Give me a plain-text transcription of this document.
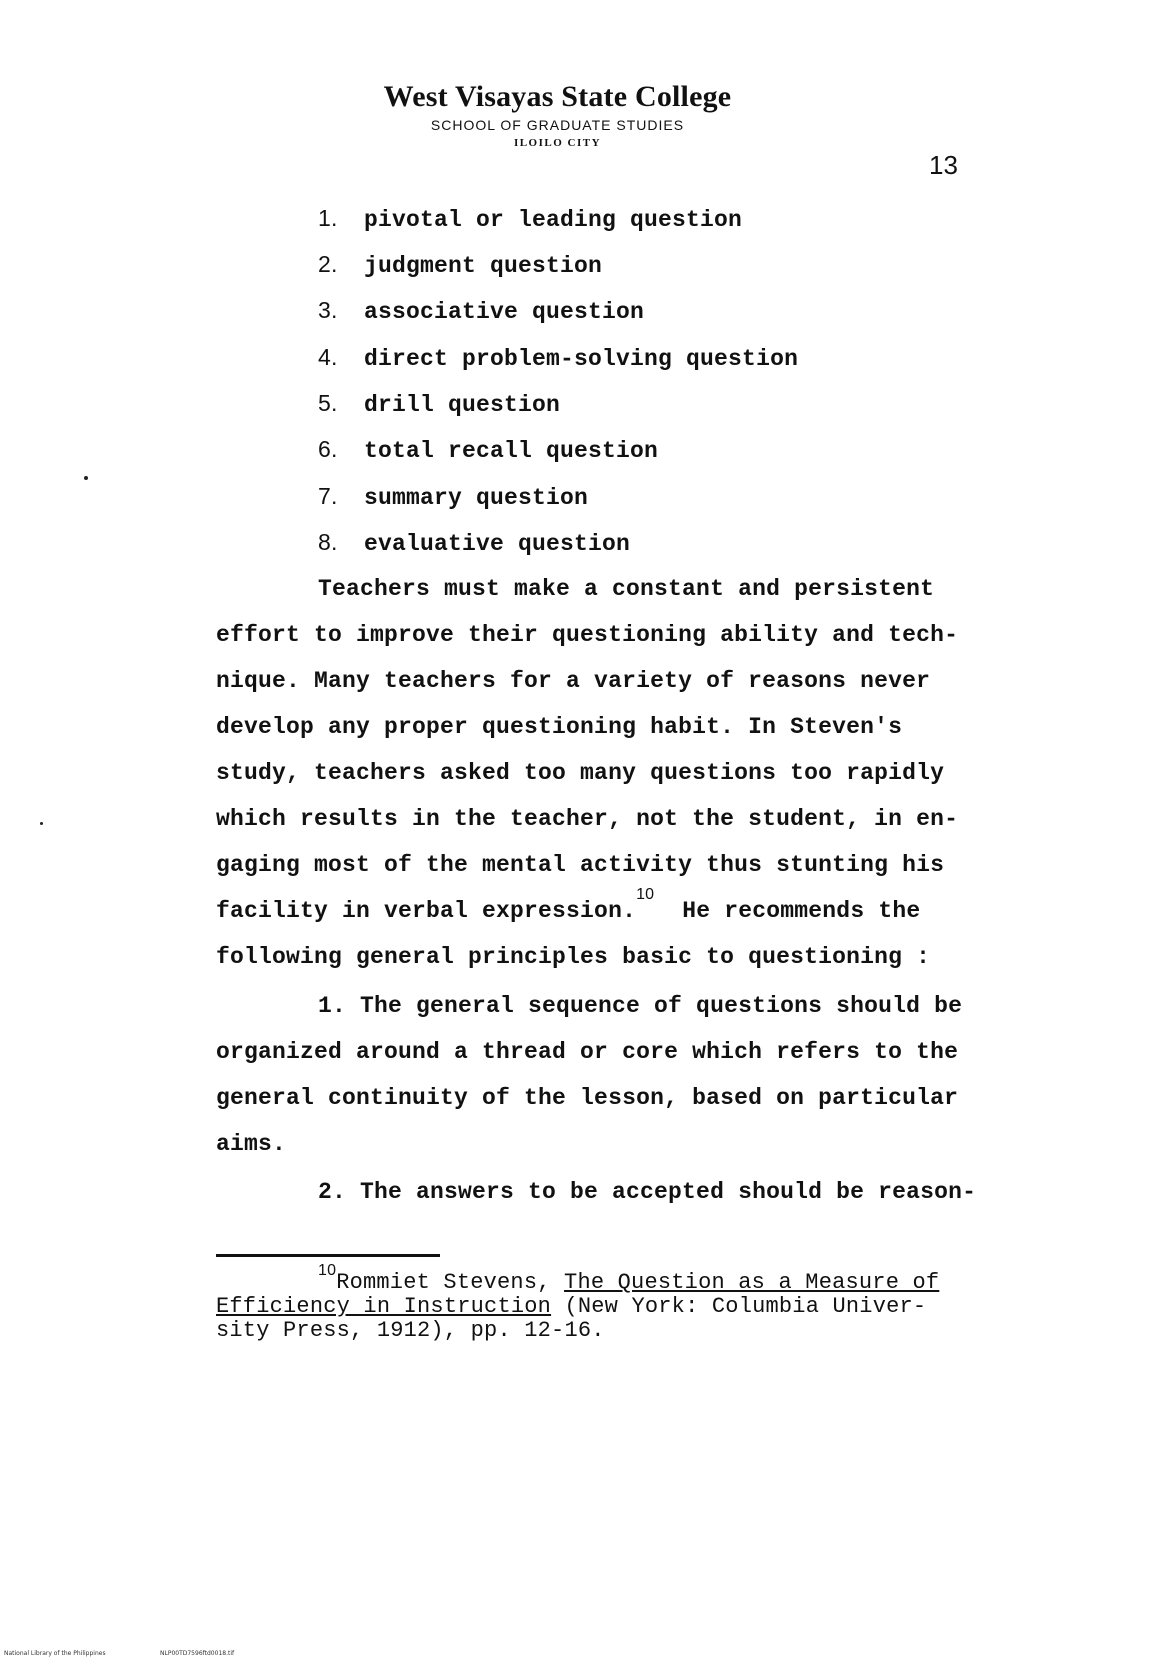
West Visayas State College
SCHOOL OF GRADUATE STUDIES
ILOILO CITY
13
1. pivotal or leading question
2. judgment question
3. associative question
4. direct problem-solving question
5. drill question
6. total recall question
7. summary question
8. evaluative question
Teachers must make a constant and persistent
effort to improve their questioning ability and tech-
nique. Many teachers for a variety of reasons never
develop any proper questioning habit. In Steven's
study, teachers asked too many questions too rapidly
which results in the teacher, not the student, in en-
gaging most of the mental activity thus stunting his
facility in verbal expression.$^{10}$  He recommends the
following general principles basic to questioning :
1. The general sequence of questions should be
organized around a thread or core which refers to the
general continuity of the lesson, based on particular
aims.
2. The answers to be accepted should be reason-
$^{10}$Rommiet Stevens, The Question as a Measure of
Efficiency in Instruction (New York: Columbia Univer-
sity Press, 1912), pp. 12-16.
National Library of the Philippines	NLP00TD7596ftd0018.tif
